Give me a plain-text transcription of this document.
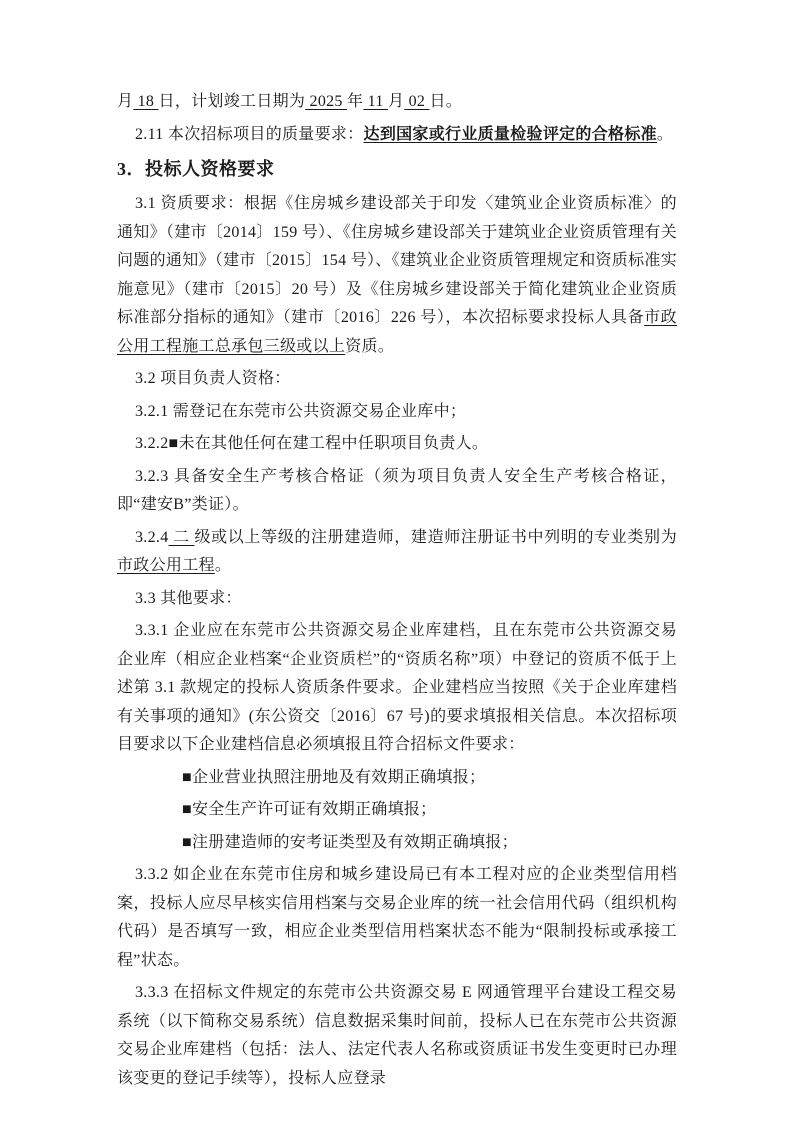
月 18 日，计划竣工日期为 2025 年 11 月 02 日。

2.11 本次招标项目的质量要求：达到国家或行业质量检验评定的合格标准。

3．投标人资格要求

3.1 资质要求：根据《住房城乡建设部关于印发〈建筑业企业资质标准〉的通知》（建市〔2014〕159 号）、《住房城乡建设部关于建筑业企业资质管理有关问题的通知》（建市〔2015〕154 号）、《建筑业企业资质管理规定和资质标准实施意见》（建市〔2015〕20 号）及《住房城乡建设部关于简化建筑业企业资质标准部分指标的通知》（建市〔2016〕226 号），本次招标要求投标人具备市政公用工程施工总承包三级或以上资质。

3.2 项目负责人资格：

3.2.1 需登记在东莞市公共资源交易企业库中；

3.2.2■未在其他任何在建工程中任职项目负责人。

3.2.3 具备安全生产考核合格证（须为项目负责人安全生产考核合格证，即“建安B”类证）。

3.2.4 二 级或以上等级的注册建造师，建造师注册证书中列明的专业类别为市政公用工程。

3.3 其他要求：

3.3.1 企业应在东莞市公共资源交易企业库建档，且在东莞市公共资源交易企业库（相应企业档案“企业资质栏”的“资质名称”项）中登记的资质不低于上述第 3.1 款规定的投标人资质条件要求。企业建档应当按照《关于企业库建档有关事项的通知》(东公资交〔2016〕67 号)的要求填报相关信息。本次招标项目要求以下企业建档信息必须填报且符合招标文件要求：

■企业营业执照注册地及有效期正确填报；

■安全生产许可证有效期正确填报；

■注册建造师的安考证类型及有效期正确填报；

3.3.2 如企业在东莞市住房和城乡建设局已有本工程对应的企业类型信用档案，投标人应尽早核实信用档案与交易企业库的统一社会信用代码（组织机构代码）是否填写一致，相应企业类型信用档案状态不能为“限制投标或承接工程”状态。

3.3.3 在招标文件规定的东莞市公共资源交易 E 网通管理平台建设工程交易系统（以下简称交易系统）信息数据采集时间前，投标人已在东莞市公共资源交易企业库建档（包括：法人、法定代表人名称或资质证书发生变更时已办理该变更的登记手续等），投标人应登录
